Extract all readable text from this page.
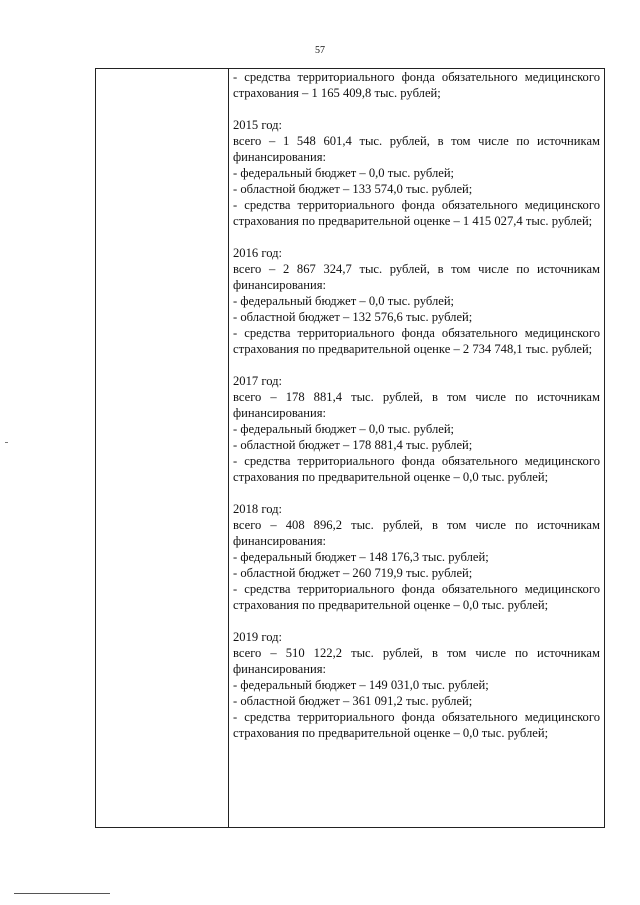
57
- средства территориального фонда обязательного медицинского страхования – 1 165 409,8 тыс. рублей;
2015 год:
всего – 1 548 601,4 тыс. рублей, в том числе по источникам финансирования:
- федеральный бюджет – 0,0 тыс. рублей;
- областной бюджет – 133 574,0 тыс. рублей;
- средства территориального фонда обязательного медицинского страхования по предварительной оценке – 1 415 027,4 тыс. рублей;
2016 год:
всего – 2 867 324,7 тыс. рублей, в том числе по источникам финансирования:
- федеральный бюджет – 0,0 тыс. рублей;
- областной бюджет – 132 576,6 тыс. рублей;
- средства территориального фонда обязательного медицинского страхования по предварительной оценке – 2 734 748,1 тыс. рублей;
2017 год:
всего – 178 881,4 тыс. рублей, в том числе по источникам финансирования:
- федеральный бюджет – 0,0 тыс. рублей;
- областной бюджет – 178 881,4 тыс. рублей;
- средства территориального фонда обязательного медицинского страхования по предварительной оценке – 0,0 тыс. рублей;
2018 год:
всего – 408 896,2 тыс. рублей, в том числе по источникам финансирования:
- федеральный бюджет – 148 176,3 тыс. рублей;
- областной бюджет – 260 719,9 тыс. рублей;
- средства территориального фонда обязательного медицинского страхования по предварительной оценке – 0,0 тыс. рублей;
2019 год:
всего – 510 122,2 тыс. рублей, в том числе по источникам финансирования:
- федеральный бюджет – 149 031,0 тыс. рублей;
- областной бюджет – 361 091,2 тыс. рублей;
- средства территориального фонда обязательного медицинского страхования по предварительной оценке – 0,0 тыс. рублей;
